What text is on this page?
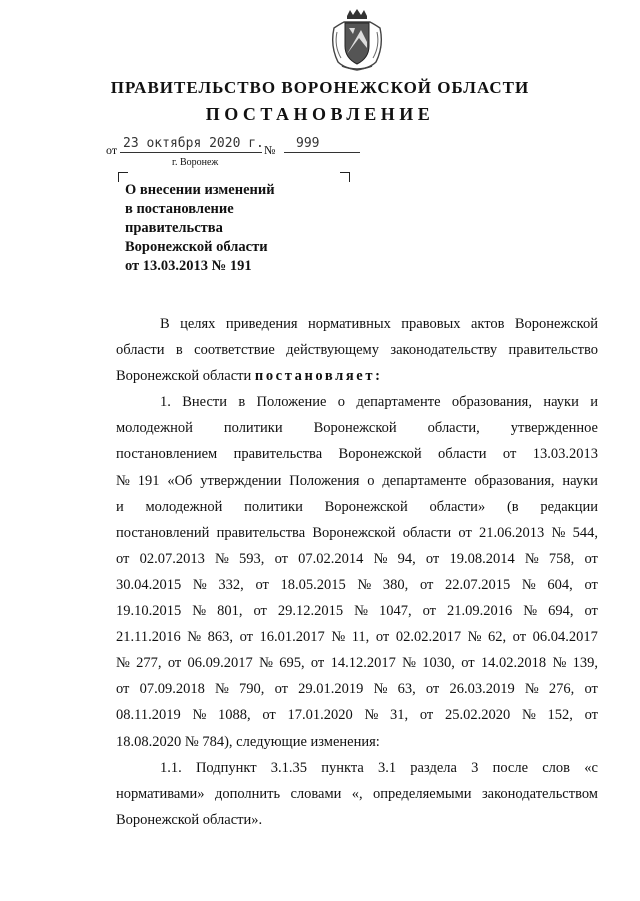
ПРАВИТЕЛЬСТВО ВОРОНЕЖСКОЙ ОБЛАСТИ
ПОСТАНОВЛЕНИЕ
от 23 октября 2020 г. № 999
г. Воронеж
О внесении изменений
в постановление
правительства
Воронежской области
от 13.03.2013 № 191
В целях приведения нормативных правовых актов Воронежской
области в соответствие действующему законодательству правительство
Воронежской области
постановляет:
1. Внести в Положение о департаменте образования, науки и
молодежной политики Воронежской области, утвержденное
постановлением правительства Воронежской области от 13.03.2013
№ 191 «Об утверждении Положения о департаменте образования, науки
и молодежной политики Воронежской области» (в редакции
постановлений правительства Воронежской области от 21.06.2013 № 544,
от 02.07.2013 № 593, от 07.02.2014 № 94, от 19.08.2014 № 758, от
30.04.2015 № 332, от 18.05.2015 № 380, от 22.07.2015 № 604, от
19.10.2015 № 801, от 29.12.2015 № 1047, от 21.09.2016 № 694, от
21.11.2016 № 863, от 16.01.2017 № 11, от 02.02.2017 № 62, от 06.04.2017
№ 277, от 06.09.2017 № 695, от 14.12.2017 № 1030, от 14.02.2018 № 139,
от 07.09.2018 № 790, от 29.01.2019 № 63, от 26.03.2019 № 276, от
08.11.2019 № 1088, от 17.01.2020 № 31, от 25.02.2020 № 152, от
18.08.2020 № 784), следующие изменения:
1.1. Подпункт 3.1.35 пункта 3.1 раздела 3 после слов «с
нормативами» дополнить словами «, определяемыми законодательством
Воронежской области».
